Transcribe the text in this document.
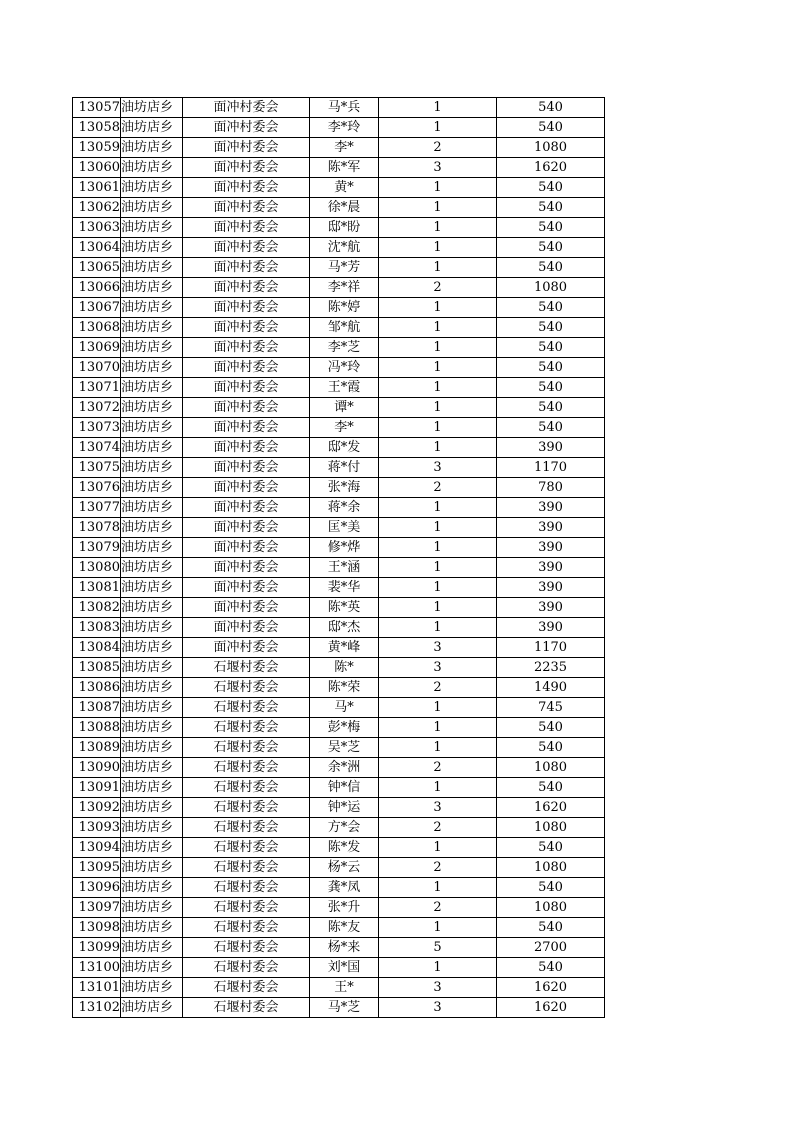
13057	油坊店乡	面冲村委会	马*兵	1	540
13058	油坊店乡	面冲村委会	李*玲	1	540
13059	油坊店乡	面冲村委会	李*	2	1080
13060	油坊店乡	面冲村委会	陈*军	3	1620
13061	油坊店乡	面冲村委会	黄*	1	540
13062	油坊店乡	面冲村委会	徐*晨	1	540
13063	油坊店乡	面冲村委会	邸*盼	1	540
13064	油坊店乡	面冲村委会	沈*航	1	540
13065	油坊店乡	面冲村委会	马*芳	1	540
13066	油坊店乡	面冲村委会	李*祥	2	1080
13067	油坊店乡	面冲村委会	陈*婷	1	540
13068	油坊店乡	面冲村委会	邹*航	1	540
13069	油坊店乡	面冲村委会	李*芝	1	540
13070	油坊店乡	面冲村委会	冯*玲	1	540
13071	油坊店乡	面冲村委会	王*霞	1	540
13072	油坊店乡	面冲村委会	谭*	1	540
13073	油坊店乡	面冲村委会	李*	1	540
13074	油坊店乡	面冲村委会	邸*发	1	390
13075	油坊店乡	面冲村委会	蒋*付	3	1170
13076	油坊店乡	面冲村委会	张*海	2	780
13077	油坊店乡	面冲村委会	蒋*余	1	390
13078	油坊店乡	面冲村委会	匡*美	1	390
13079	油坊店乡	面冲村委会	修*烨	1	390
13080	油坊店乡	面冲村委会	王*涵	1	390
13081	油坊店乡	面冲村委会	裴*华	1	390
13082	油坊店乡	面冲村委会	陈*英	1	390
13083	油坊店乡	面冲村委会	邸*杰	1	390
13084	油坊店乡	面冲村委会	黄*峰	3	1170
13085	油坊店乡	石堰村委会	陈*	3	2235
13086	油坊店乡	石堰村委会	陈*荣	2	1490
13087	油坊店乡	石堰村委会	马*	1	745
13088	油坊店乡	石堰村委会	彭*梅	1	540
13089	油坊店乡	石堰村委会	吴*芝	1	540
13090	油坊店乡	石堰村委会	余*洲	2	1080
13091	油坊店乡	石堰村委会	钟*信	1	540
13092	油坊店乡	石堰村委会	钟*运	3	1620
13093	油坊店乡	石堰村委会	方*会	2	1080
13094	油坊店乡	石堰村委会	陈*发	1	540
13095	油坊店乡	石堰村委会	杨*云	2	1080
13096	油坊店乡	石堰村委会	龚*凤	1	540
13097	油坊店乡	石堰村委会	张*升	2	1080
13098	油坊店乡	石堰村委会	陈*友	1	540
13099	油坊店乡	石堰村委会	杨*来	5	2700
13100	油坊店乡	石堰村委会	刘*国	1	540
13101	油坊店乡	石堰村委会	王*	3	1620
13102	油坊店乡	石堰村委会	马*芝	3	1620
